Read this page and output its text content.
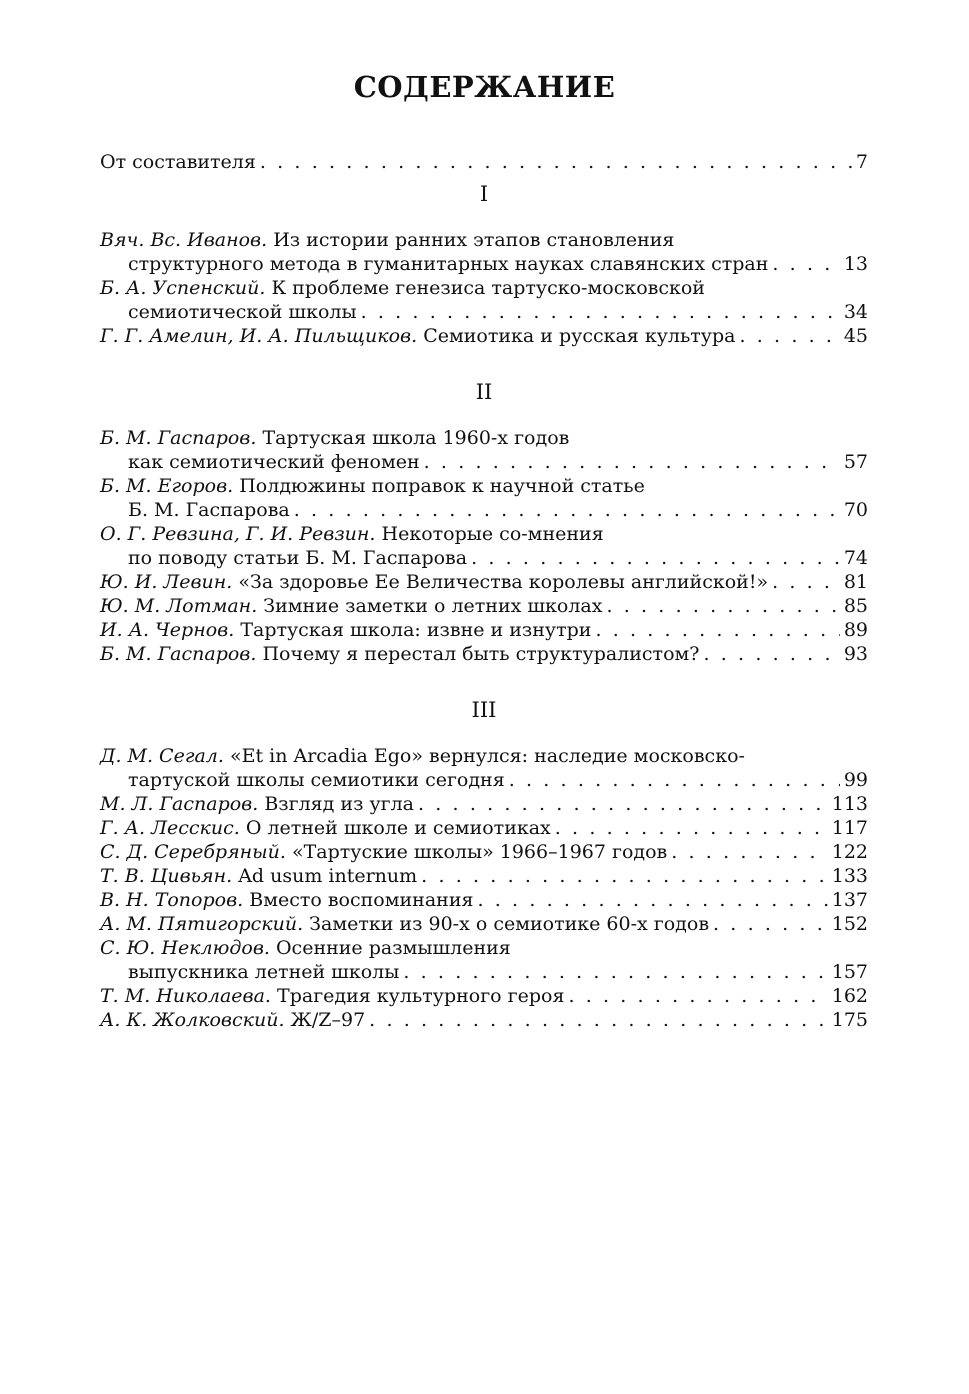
СОДЕРЖАНИЕ
От составителя . . .	7
I
Вяч. Вс. Иванов. Из истории ранних этапов становления
структурного метода в гуманитарных науках славянских стран . . .	13
Б. А. Успенский. К проблеме генезиса тартуско-московской
семиотической школы . . .	34
Г. Г. Амелин, И. А. Пильщиков. Семиотика и русская культура . . .	45
II
Б. М. Гаспаров. Тартуская школа 1960-х годов
как семиотический феномен . . .	57
Б. М. Егоров. Полдюжины поправок к научной статье
Б. М. Гаспарова . . .	70
О. Г. Ревзина, Г. И. Ревзин. Некоторые со-мнения
по поводу статьи Б. М. Гаспарова . . .	74
Ю. И. Левин. «За здоровье Ее Величества королевы английской!» . . .	81
Ю. М. Лотман. Зимние заметки о летних школах . . .	85
И. А. Чернов. Тартуская школа: извне и изнутри . . .	89
Б. М. Гаспаров. Почему я перестал быть структуралистом? . . .	93
III
Д. М. Сегал. «Et in Arcadia Ego» вернулся: наследие московско-
тартуской школы семиотики сегодня . . .	99
М. Л. Гаспаров. Взгляд из угла . . .	113
Г. А. Лесскис. О летней школе и семиотиках . . .	117
С. Д. Серебряный. «Тартуские школы» 1966–1967 годов . . .	122
Т. В. Цивьян. Ad usum internum . . .	133
В. Н. Топоров. Вместо воспоминания . . .	137
А. М. Пятигорский. Заметки из 90-х о семиотике 60-х годов . . .	152
С. Ю. Неклюдов. Осенние размышления
выпускника летней школы . . .	157
Т. М. Николаева. Трагедия культурного героя . . .	162
А. К. Жолковский. Ж/Z–97 . . .	175
